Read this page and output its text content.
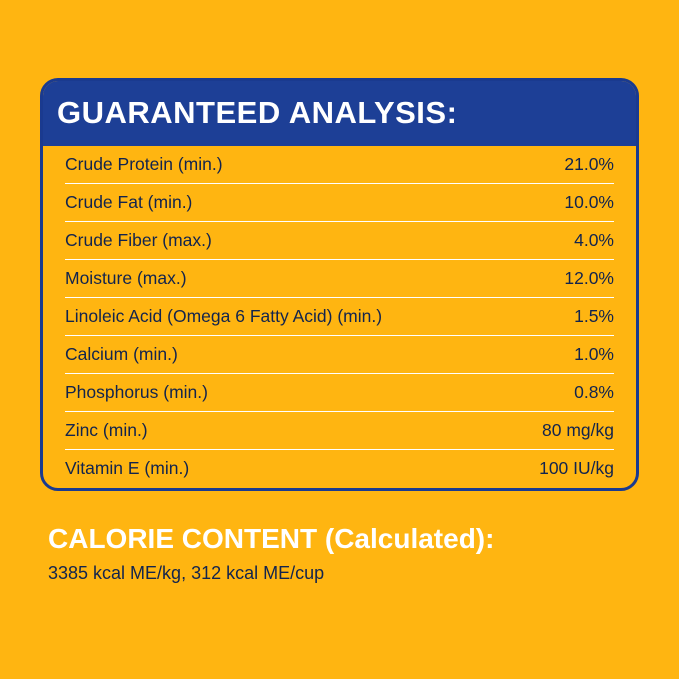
GUARANTEED ANALYSIS:
Crude Protein (min.)	21.0%
Crude Fat (min.)	10.0%
Crude Fiber (max.)	4.0%
Moisture (max.)	12.0%
Linoleic Acid (Omega 6 Fatty Acid) (min.)	1.5%
Calcium (min.)	1.0%
Phosphorus (min.)	0.8%
Zinc (min.)	80 mg/kg
Vitamin E (min.)	100 IU/kg
CALORIE CONTENT (Calculated):
3385 kcal ME/kg, 312 kcal ME/cup
